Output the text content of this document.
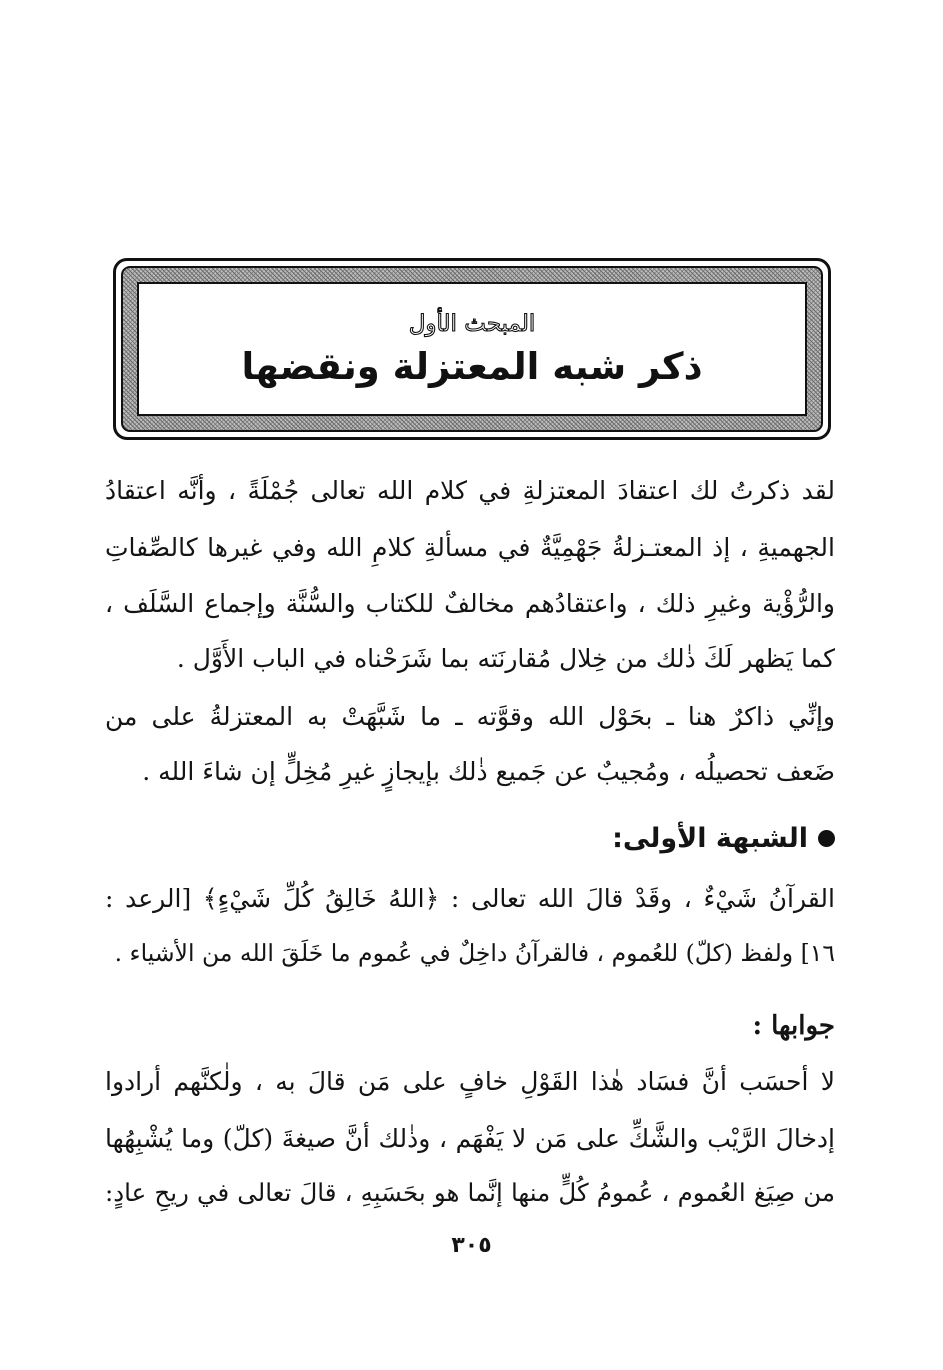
المبحث الأول
ذكر شبه المعتزلة ونقضها
لقد ذكرتُ لك اعتقادَ المعتزلةِ في كلام الله تعالى جُمْلَةً ، وأنَّه اعتقادُ
الجهميةِ ، إذ المعتـزلةُ جَهْمِيَّةٌ في مسألةِ كلامِ الله وفي غيرها كالصِّفاتِ
والرُّؤْية وغيرِ ذلك ، واعتقادُهم مخالفٌ للكتاب والسُّنَّة وإجماع السَّلَف ،
كما يَظهر لَكَ ذٰلك من خِلال مُقارنَته بما شَرَحْناه في الباب الأَوَّل .
وإنِّي ذاكرٌ هنا ـ بحَوْل الله وقوَّته ـ ما شَبَّهَتْ به المعتزلةُ على من
ضَعف تحصيلُه ، ومُجيبٌ عن جَميع ذٰلك بإيجازٍ غيرِ مُخِلٍّ إن شاءَ الله .
الشبهة الأولى:
القرآنُ شَيْءٌ ، وقَدْ قالَ الله تعالى : ﴿اللهُ خَالِقُ كُلِّ شَيْءٍ﴾ [الرعد :
١٦] ولفظ (كلّ) للعُموم ، فالقرآنُ داخِلٌ في عُموم ما خَلَقَ الله من الأشياء .
جوابها :
لا أحسَب أنَّ فسَاد هٰذا القَوْلِ خافٍ على مَن قالَ به ، ولٰكنَّهم أرادوا
إدخالَ الرَّيْب والشَّكِّ على مَن لا يَفْهَم ، وذٰلك أنَّ صيغةَ (كلّ) وما يُشْبِهُها
من صِيَغ العُموم ، عُمومُ كُلٍّ منها إنَّما هو بحَسَبِهِ ، قالَ تعالى في ريحِ عادٍ:
٣٠٥
